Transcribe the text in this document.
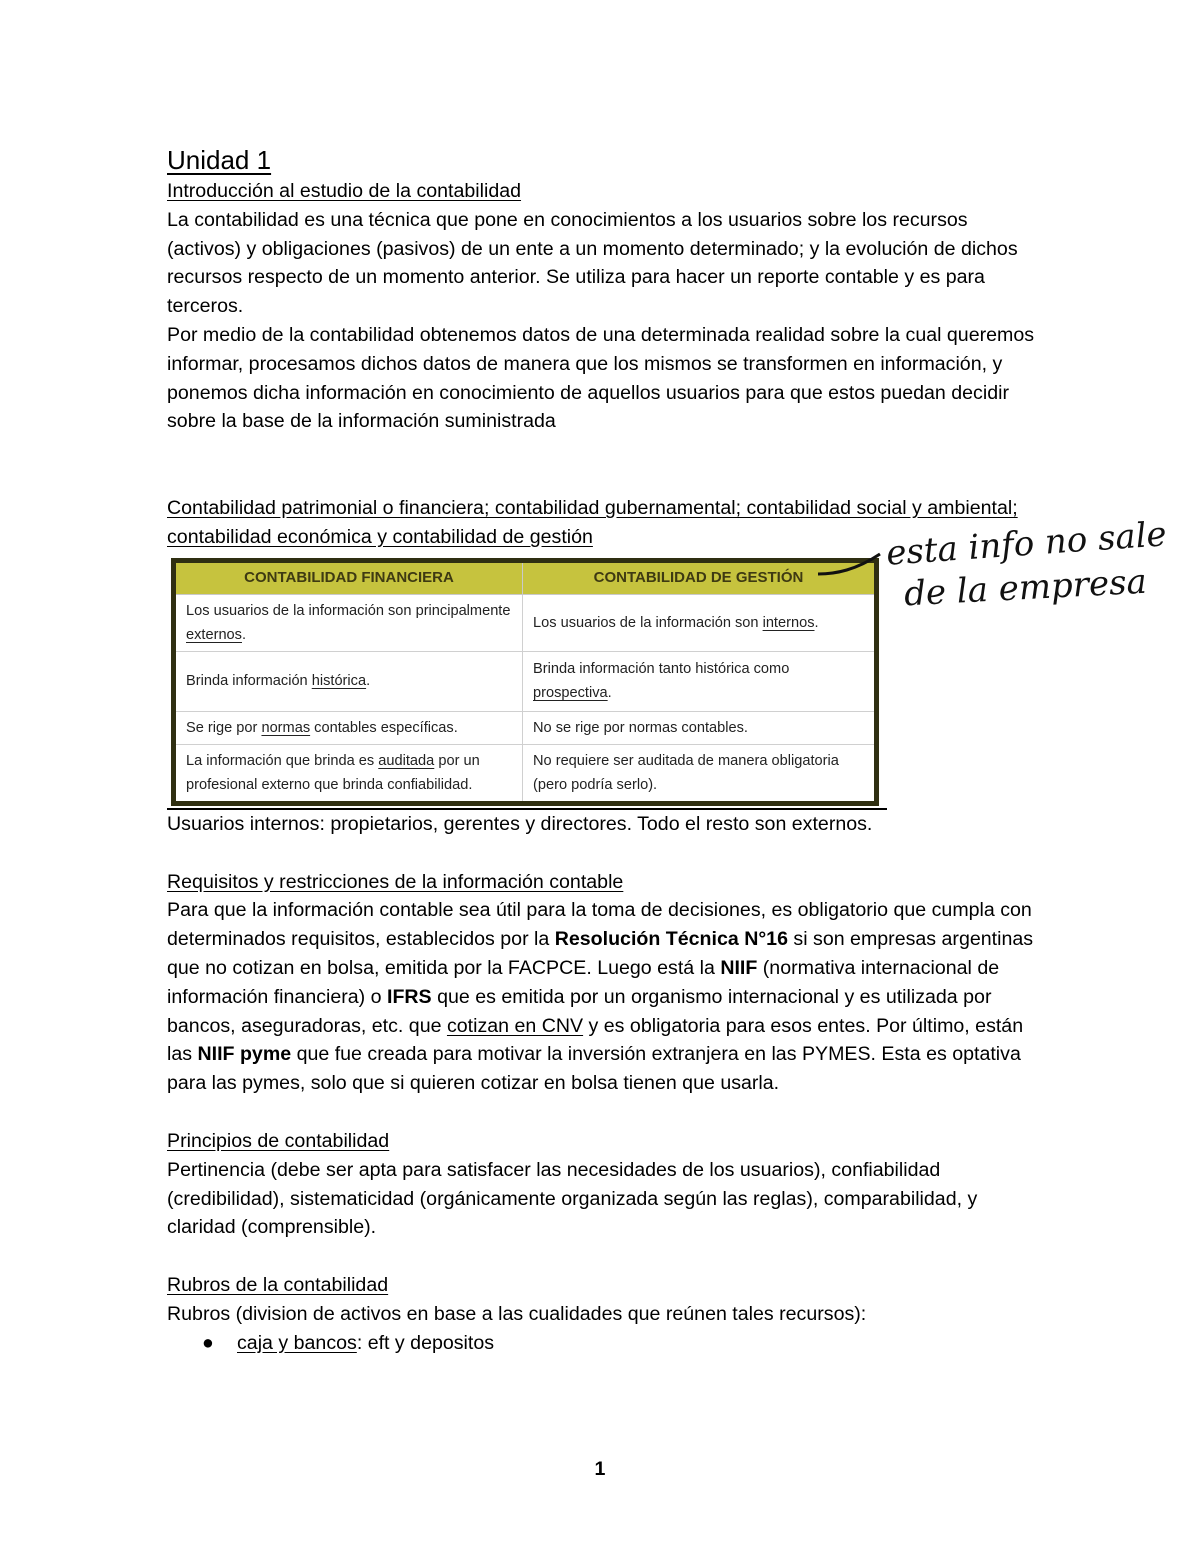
Unidad 1

Introducción al estudio de la contabilidad

La contabilidad es una técnica que pone en conocimientos a los usuarios sobre los recursos (activos) y obligaciones (pasivos) de un ente a un momento determinado; y la evolución de dichos recursos respecto de un momento anterior. Se utiliza para hacer un reporte contable y es para terceros.

Por medio de la contabilidad obtenemos datos de una determinada realidad sobre la cual queremos informar, procesamos dichos datos de manera que los mismos se transformen en información, y ponemos dicha información en conocimiento de aquellos usuarios para que estos puedan decidir sobre la base de la información suministrada

Contabilidad patrimonial o financiera; contabilidad gubernamental; contabilidad social y ambiental; contabilidad económica y contabilidad de gestión

CONTABILIDAD FINANCIERA	CONTABILIDAD DE GESTIÓN
Los usuarios de la información son principalmente externos.	Los usuarios de la información son internos.
Brinda información histórica.	Brinda información tanto histórica como prospectiva.
Se rige por normas contables específicas.	No se rige por normas contables.
La información que brinda es auditada por un profesional externo que brinda confiabilidad.	No requiere ser auditada de manera obligatoria (pero podría serlo).

Usuarios internos: propietarios, gerentes y directores. Todo el resto son externos.

Requisitos y restricciones de la información contable

Para que la información contable sea útil para la toma de decisiones, es obligatorio que cumpla con determinados requisitos, establecidos por la Resolución Técnica N°16 si son empresas argentinas que no cotizan en bolsa, emitida por la FACPCE. Luego está la NIIF (normativa internacional de información financiera) o IFRS que es emitida por un organismo internacional y es utilizada por bancos, aseguradoras, etc. que cotizan en CNV y es obligatoria para esos entes. Por último, están las NIIF pyme que fue creada para motivar la inversión extranjera en las PYMES. Esta es optativa para las pymes, solo que si quieren cotizar en bolsa tienen que usarla.

Principios de contabilidad

Pertinencia (debe ser apta para satisfacer las necesidades de los usuarios), confiabilidad (credibilidad), sistematicidad (orgánicamente organizada según las reglas), comparabilidad, y claridad (comprensible).

Rubros de la contabilidad

Rubros (division de activos en base a las cualidades que reúnen tales recursos):

● caja y bancos: eft y depositos
esta info no sale
de la empresa
1
